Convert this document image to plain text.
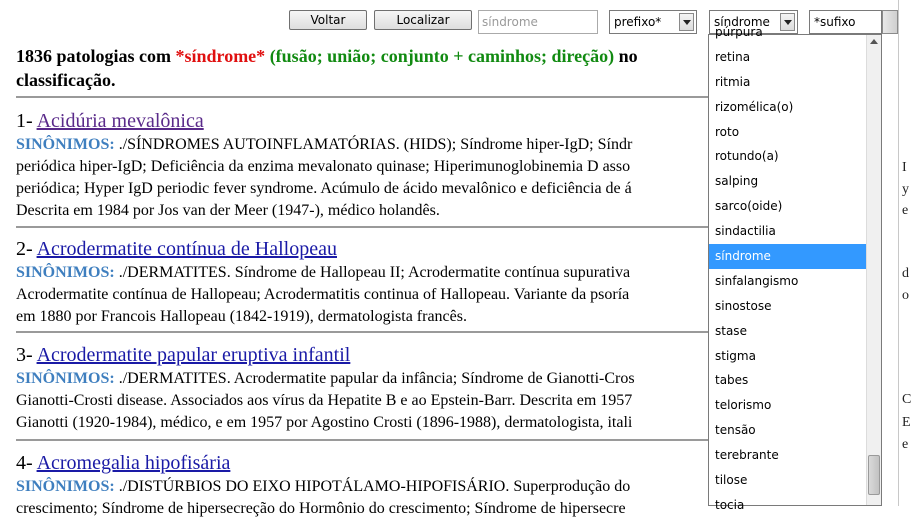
Voltar	Localizar	síndrome	prefixo*	síndrome	*sufixo
1836 patologias com *síndrome* (fusão; união; conjunto + caminhos; direção) no
classificação.
1- Acidúria mevalônica
SINÔNIMOS: ./SÍNDROMES AUTOINFLAMATÓRIAS. (HIDS); Síndrome hiper-IgD; Síndr
periódica hiper-IgD; Deficiência da enzima mevalonato quinase; Hiperimunoglobinemia D asso
periódica; Hyper IgD periodic fever syndrome. Acúmulo de ácido mevalônico e deficiência de á
Descrita em 1984 por Jos van der Meer (1947-), médico holandês.
2- Acrodermatite contínua de Hallopeau
SINÔNIMOS: ./DERMATITES. Síndrome de Hallopeau II; Acrodermatite contínua supurativa
Acrodermatite contínua de Hallopeau; Acrodermatitis continua of Hallopeau. Variante da psoría
em 1880 por Francois Hallopeau (1842-1919), dermatologista francês.
3- Acrodermatite papular eruptiva infantil
SINÔNIMOS: ./DERMATITES. Acrodermatite papular da infância; Síndrome de Gianotti-Cros
Gianotti-Crosti disease. Associados aos vírus da Hepatite B e ao Epstein-Barr. Descrita em 1957
Gianotti (1920-1984), médico, e em 1957 por Agostino Crosti (1896-1988), dermatologista, itali
4- Acromegalia hipofisária
SINÔNIMOS: ./DISTÚRBIOS DO EIXO HIPOTÁLAMO-HIPOFISÁRIO. Superprodução do
crescimento; Síndrome de hipersecreção do Hormônio do crescimento; Síndrome de hipersecre
I
y
e
d
o
C
E
e
púrpura
retina
ritmia
rizomélica(o)
roto
rotundo(a)
salping
sarco(oide)
sindactilia
síndrome
sinfalangismo
sinostose
stase
stigma
tabes
telorismo
tensão
terebrante
tilose
tocia
